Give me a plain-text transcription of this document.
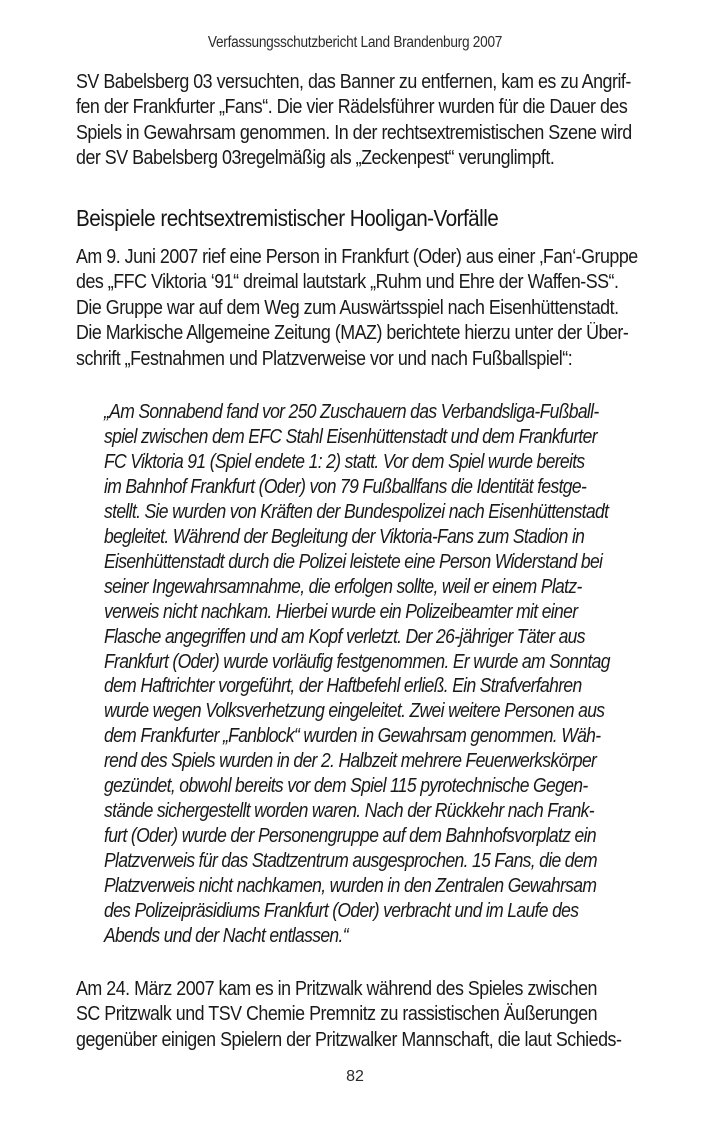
Verfassungsschutzbericht Land Brandenburg 2007

SV Babelsberg 03 versuchten, das Banner zu entfernen, kam es zu Angrif-
fen der Frankfurter „Fans“. Die vier Rädelsführer wurden für die Dauer des
Spiels in Gewahrsam genommen. In der rechtsextremistischen Szene wird
der SV Babelsberg 03regelmäßig als „Zeckenpest“ verunglimpft.

Beispiele rechtsextremistischer Hooligan-Vorfälle

Am 9. Juni 2007 rief eine Person in Frankfurt (Oder) aus einer ‚Fan‘-Gruppe
des „FFC Viktoria ‘91“ dreimal lautstark „Ruhm und Ehre der Waffen-SS“.
Die Gruppe war auf dem Weg zum Auswärtsspiel nach Eisenhüttenstadt.
Die Markische Allgemeine Zeitung (MAZ) berichtete hierzu unter der Über-
schrift „Festnahmen und Platzverweise vor und nach Fußballspiel“:

„Am Sonnabend fand vor 250 Zuschauern das Verbandsliga-Fußball-
spiel zwischen dem EFC Stahl Eisenhüttenstadt und dem Frankfurter
FC Viktoria 91 (Spiel endete 1: 2) statt. Vor dem Spiel wurde bereits
im Bahnhof Frankfurt (Oder) von 79 Fußballfans die Identität festge-
stellt. Sie wurden von Kräften der Bundespolizei nach Eisenhüttenstadt
begleitet. Während der Begleitung der Viktoria-Fans zum Stadion in
Eisenhüttenstadt durch die Polizei leistete eine Person Widerstand bei
seiner Ingewahrsamnahme, die erfolgen sollte, weil er einem Platz-
verweis nicht nachkam. Hierbei wurde ein Polizeibeamter mit einer
Flasche angegriffen und am Kopf verletzt. Der 26-jähriger Täter aus
Frankfurt (Oder) wurde vorläufig festgenommen. Er wurde am Sonntag
dem Haftrichter vorgeführt, der Haftbefehl erließ. Ein Strafverfahren
wurde wegen Volksverhetzung eingeleitet. Zwei weitere Personen aus
dem Frankfurter „Fanblock“ wurden in Gewahrsam genommen. Wäh-
rend des Spiels wurden in der 2. Halbzeit mehrere Feuerwerkskörper
gezündet, obwohl bereits vor dem Spiel 115 pyrotechnische Gegen-
stände sichergestellt worden waren. Nach der Rückkehr nach Frank-
furt (Oder) wurde der Personengruppe auf dem Bahnhofsvorplatz ein
Platzverweis für das Stadtzentrum ausgesprochen. 15 Fans, die dem
Platzverweis nicht nachkamen, wurden in den Zentralen Gewahrsam
des Polizeipräsidiums Frankfurt (Oder) verbracht und im Laufe des
Abends und der Nacht entlassen.“

Am 24. März 2007 kam es in Pritzwalk während des Spieles zwischen
SC Pritzwalk und TSV Chemie Premnitz zu rassistischen Äußerungen
gegenüber einigen Spielern der Pritzwalker Mannschaft, die laut Schieds-

82
